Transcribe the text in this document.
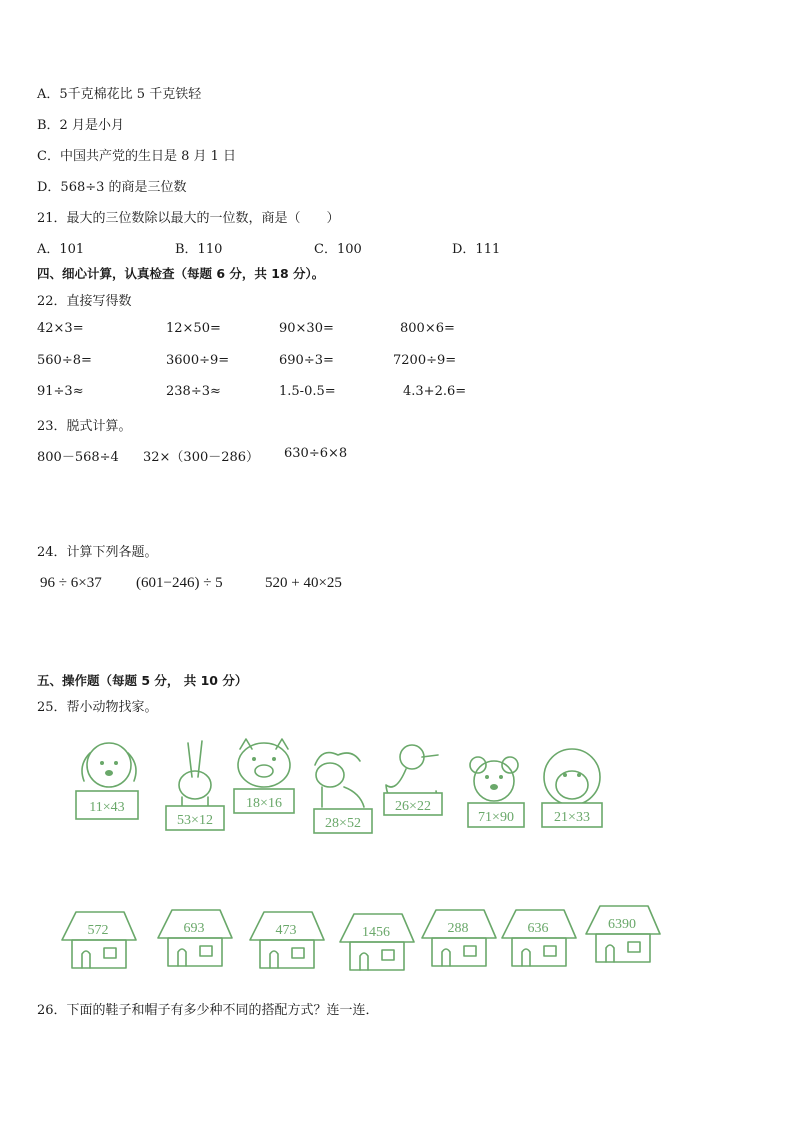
A．5千克棉花比 5 千克铁轻
B．2 月是小月
C．中国共产党的生日是 8 月 1 日
D．568÷3 的商是三位数
21．最大的三位数除以最大的一位数，商是（　　）
A．101	B．110	C．100	D．111
四、细心计算，认真检查（每题 6 分，共 18 分）。
22．直接写得数
42×3=	12×50=	90×30=	800×6=
560÷8=	3600÷9=	690÷3=	7200÷9=
91÷3≈	238÷3≈	1.5-0.5=	4.3+2.6=
23．脱式计算。
800－568÷4 32×（300－286） 630÷6×8
24．计算下列各题。
96 ÷ 6×37 (601−246) ÷ 5	520 + 40×25
五、操作题（每题 5 分， 共 10 分）
25．帮小动物找家。
11×43
53×12
18×16
28×52
26×22
71×90	21×33
572	693	473	1456	288	636	6390
26．下面的鞋子和帽子有多少种不同的搭配方式？连一连．
